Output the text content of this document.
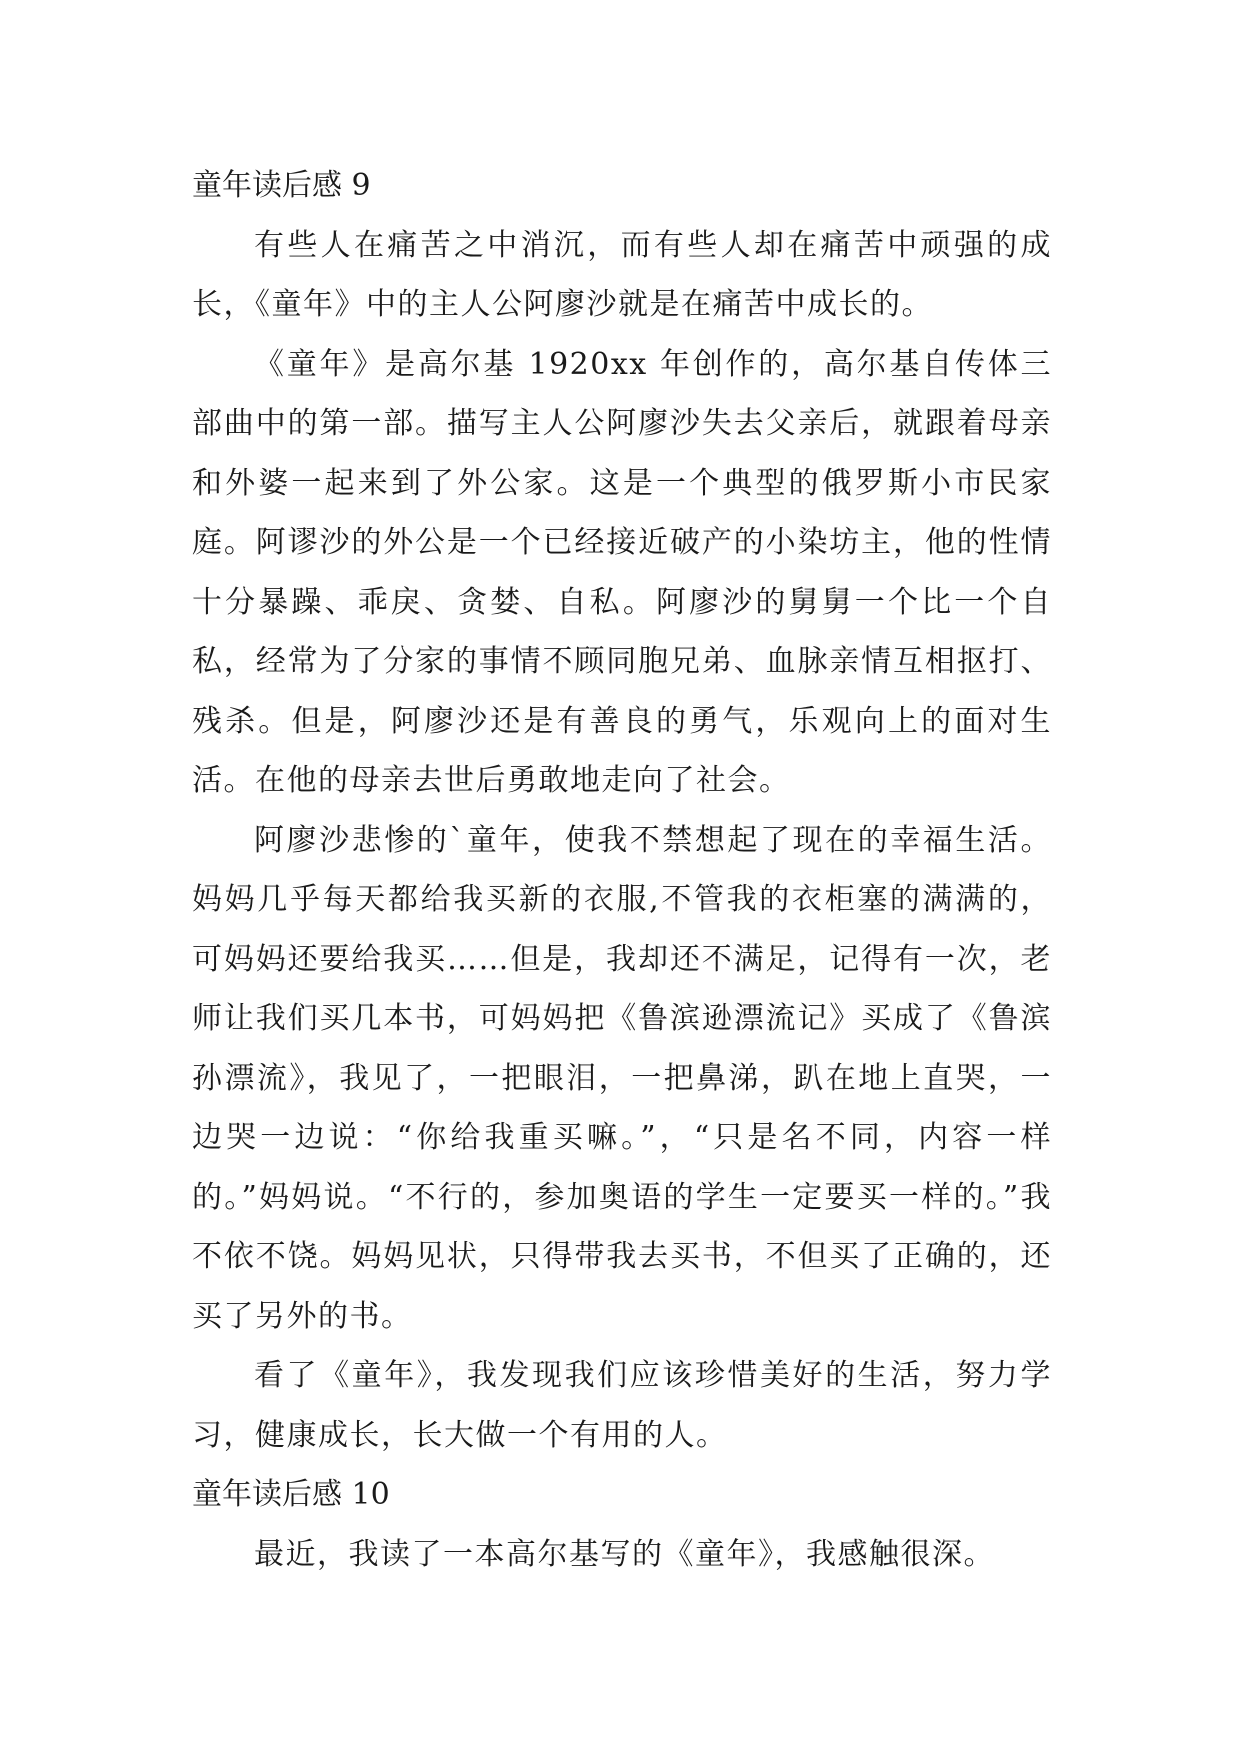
童年读后感 9

有些人在痛苦之中消沉，而有些人却在痛苦中顽强的成长，《童年》中的主人公阿廖沙就是在痛苦中成长的。

《童年》是高尔基 1920xx 年创作的，高尔基自传体三部曲中的第一部。描写主人公阿廖沙失去父亲后，就跟着母亲和外婆一起来到了外公家。这是一个典型的俄罗斯小市民家庭。阿谬沙的外公是一个已经接近破产的小染坊主，他的性情十分暴躁、乖戾、贪婪、自私。阿廖沙的舅舅一个比一个自私，经常为了分家的事情不顾同胞兄弟、血脉亲情互相抠打、残杀。但是，阿廖沙还是有善良的勇气，乐观向上的面对生活。在他的母亲去世后勇敢地走向了社会。

阿廖沙悲惨的`童年，使我不禁想起了现在的幸福生活。妈妈几乎每天都给我买新的衣服,不管我的衣柜塞的满满的，可妈妈还要给我买……但是，我却还不满足，记得有一次，老师让我们买几本书，可妈妈把《鲁滨逊漂流记》买成了《鲁滨孙漂流》，我见了，一把眼泪，一把鼻涕，趴在地上直哭，一边哭一边说：“你给我重买嘛。”，“只是名不同，内容一样的。”妈妈说。“不行的，参加奥语的学生一定要买一样的。”我不依不饶。妈妈见状，只得带我去买书，不但买了正确的，还买了另外的书。

看了《童年》，我发现我们应该珍惜美好的生活，努力学习，健康成长，长大做一个有用的人。

童年读后感 10

最近，我读了一本高尔基写的《童年》，我感触很深。
